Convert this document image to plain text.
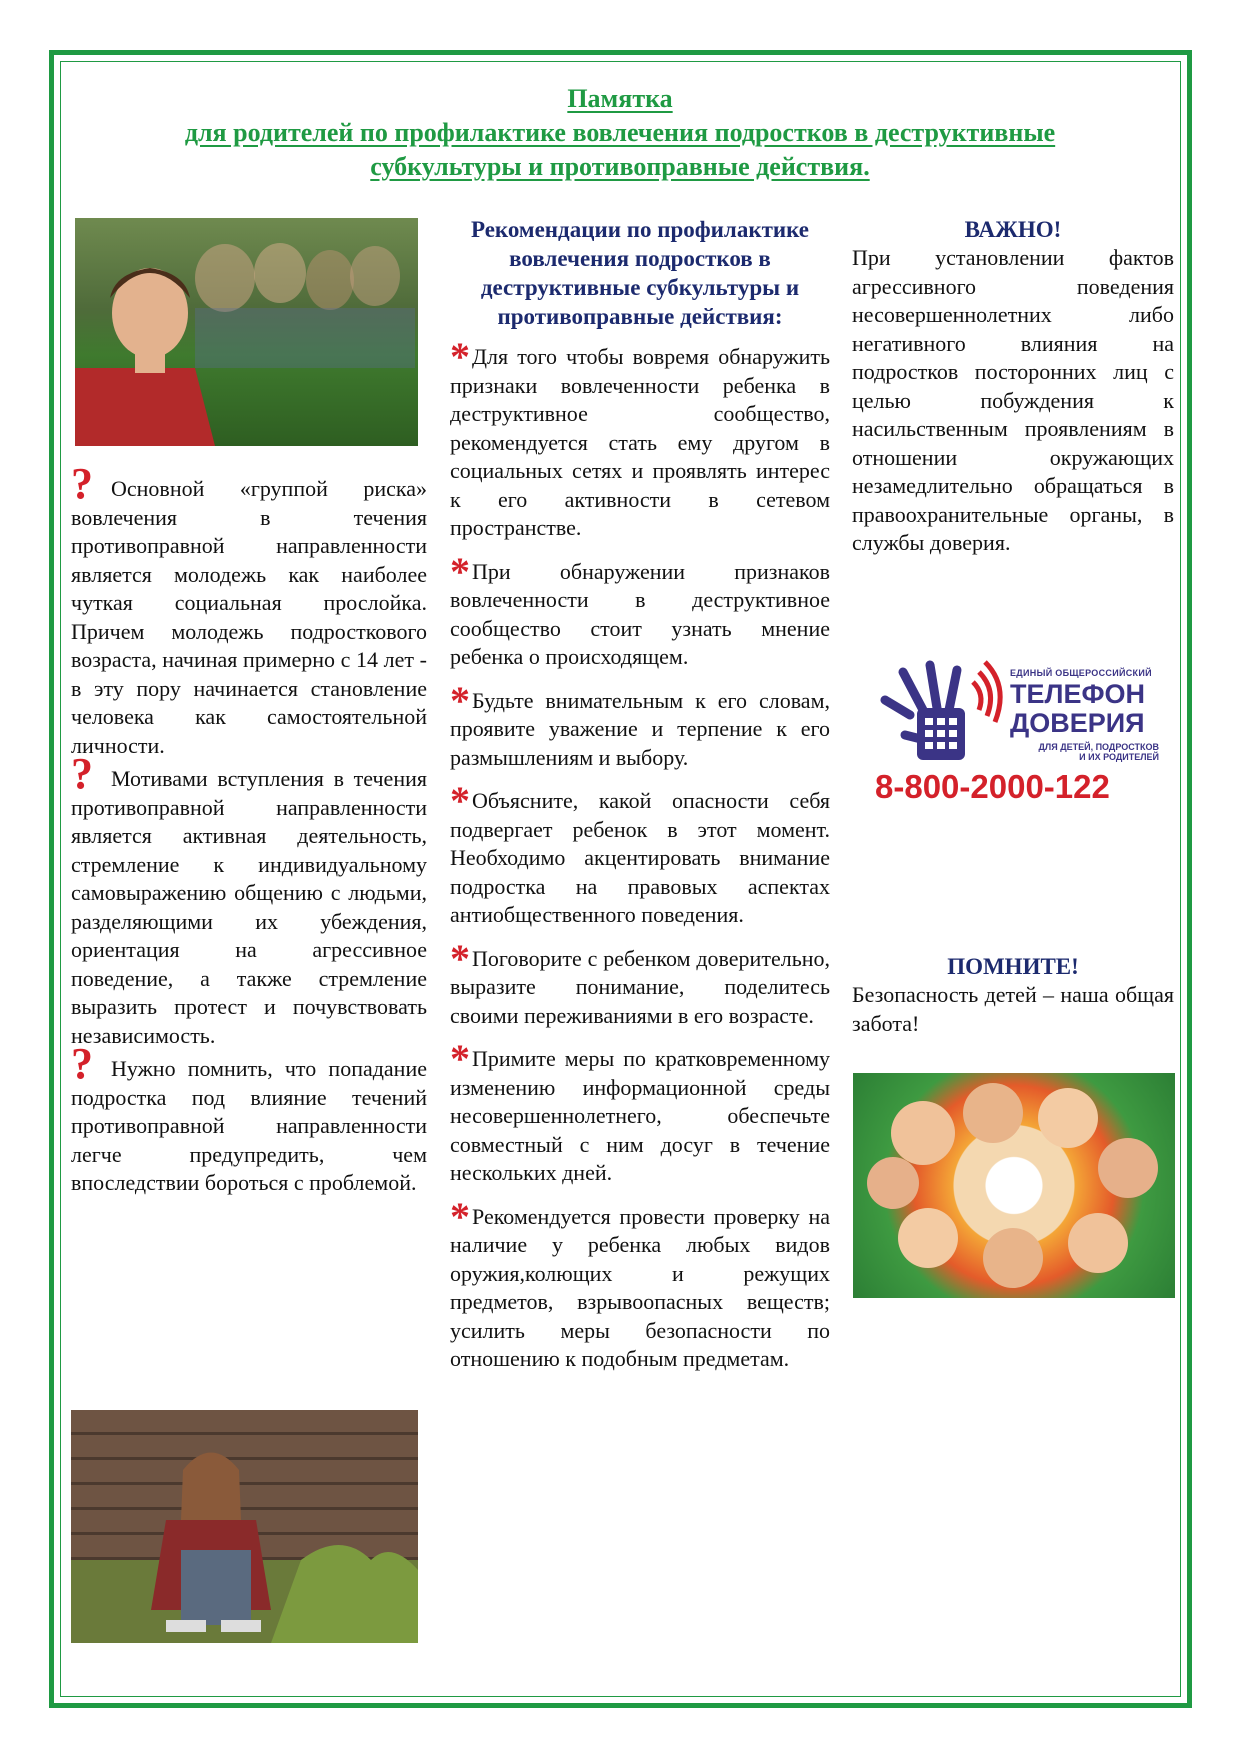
Памятка
для родителей по профилактике вовлечения подростков в деструктивные
субкультуры и противоправные действия.

? Основной «группой риска» вовлечения в течения противоправной направленности является молодежь как наиболее чуткая социальная прослойка. Причем молодежь подросткового возраста, начиная примерно с 14 лет - в эту пору начинается становление человека как самостоятельной личности.

? Мотивами вступления в течения противоправной направленности является активная деятельность, стремление к индивидуальному самовыражению общению с людьми, разделяющими их убеждения, ориентация на агрессивное поведение, а также стремление выразить протест и почувствовать независимость.

? Нужно помнить, что попадание подростка под влияние течений противоправной направленности легче предупредить, чем впоследствии бороться с проблемой.

Рекомендации по профилактике вовлечения подростков в деструктивные субкультуры и противоправные действия:

*Для того чтобы вовремя обнаружить признаки вовлеченности ребенка в деструктивное сообщество, рекомендуется стать ему другом в социальных сетях и проявлять интерес к его активности в сетевом пространстве.

*При обнаружении признаков вовлеченности в деструктивное сообщество стоит узнать мнение ребенка о происходящем.

*Будьте внимательным к его словам, проявите уважение и терпение к его размышлениям и выбору.

*Объясните, какой опасности себя подвергает ребенок в этот момент. Необходимо акцентировать внимание подростка на правовых аспектах антиобщественного поведения.

*Поговорите с ребенком доверительно, выразите понимание, поделитесь своими переживаниями в его возрасте.

*Примите меры по кратковременному изменению информационной среды несовершеннолетнего, обеспечьте совместный с ним досуг в течение нескольких дней.

*Рекомендуется провести проверку на наличие у ребенка любых видов оружия,колющих и режущих предметов, взрывоопасных веществ; усилить меры безопасности по отношению к подобным предметам.

ВАЖНО!

При установлении фактов агрессивного поведения несовершеннолетних либо негативного влияния на подростков посторонних лиц с целью побуждения к насильственным проявлениям в отношении окружающих незамедлительно обращаться в правоохранительные органы, в службы доверия.

ЕДИНЫЙ ОБЩЕРОССИЙСКИЙ
ТЕЛЕФОН
ДОВЕРИЯ
ДЛЯ ДЕТЕЙ, ПОДРОСТКОВ
И ИХ РОДИТЕЛЕЙ
8-800-2000-122
ПОМНИТЕ!

Безопасность детей – наша общая забота!
